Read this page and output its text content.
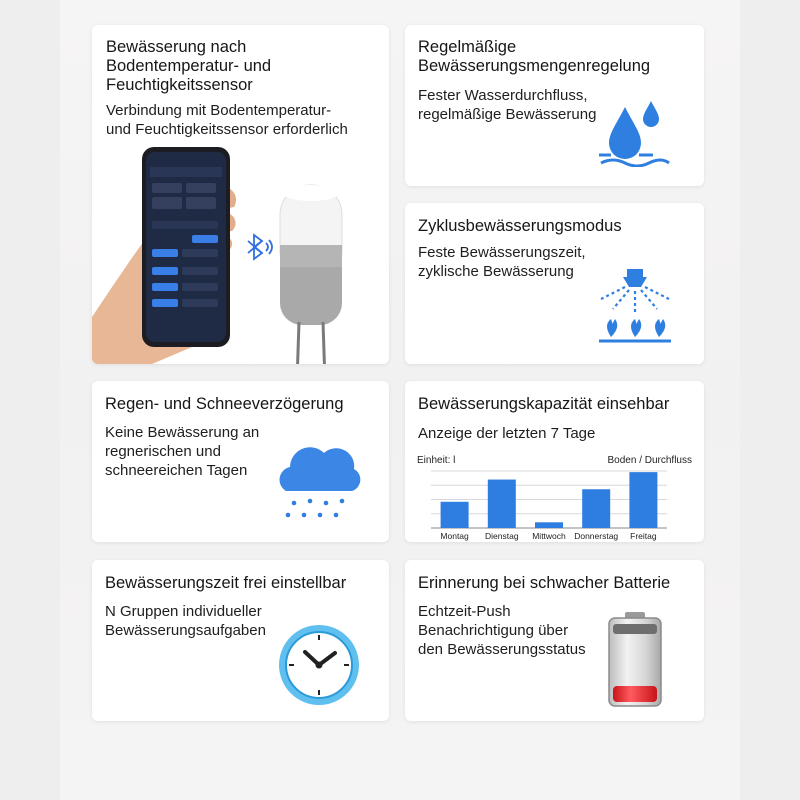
Bewässerung nach
Bodentemperatur- und
Feuchtigkeitssensor

Verbindung mit Bodentemperatur-
und Feuchtigkeitssensor erforderlich

Regelmäßige
Bewässerungsmengenregelung

Fester Wasserdurchfluss,
regelmäßige Bewässerung

Zyklusbewässerungsmodus

Feste Bewässerungszeit,
zyklische Bewässerung

Regen- und Schneeverzögerung

Keine Bewässerung an
regnerischen und
schneereichen Tagen

Bewässerungskapazität einsehbar

Anzeige der letzten 7 Tage

Einheit: l	Boden / Durchfluss
Montag Dienstag Mittwoch Donnerstag Freitag
Bewässerungszeit frei einstellbar

N Gruppen individueller
Bewässerungsaufgaben

Erinnerung bei schwacher Batterie

Echtzeit-Push
Benachrichtigung über
den Bewässerungsstatus
